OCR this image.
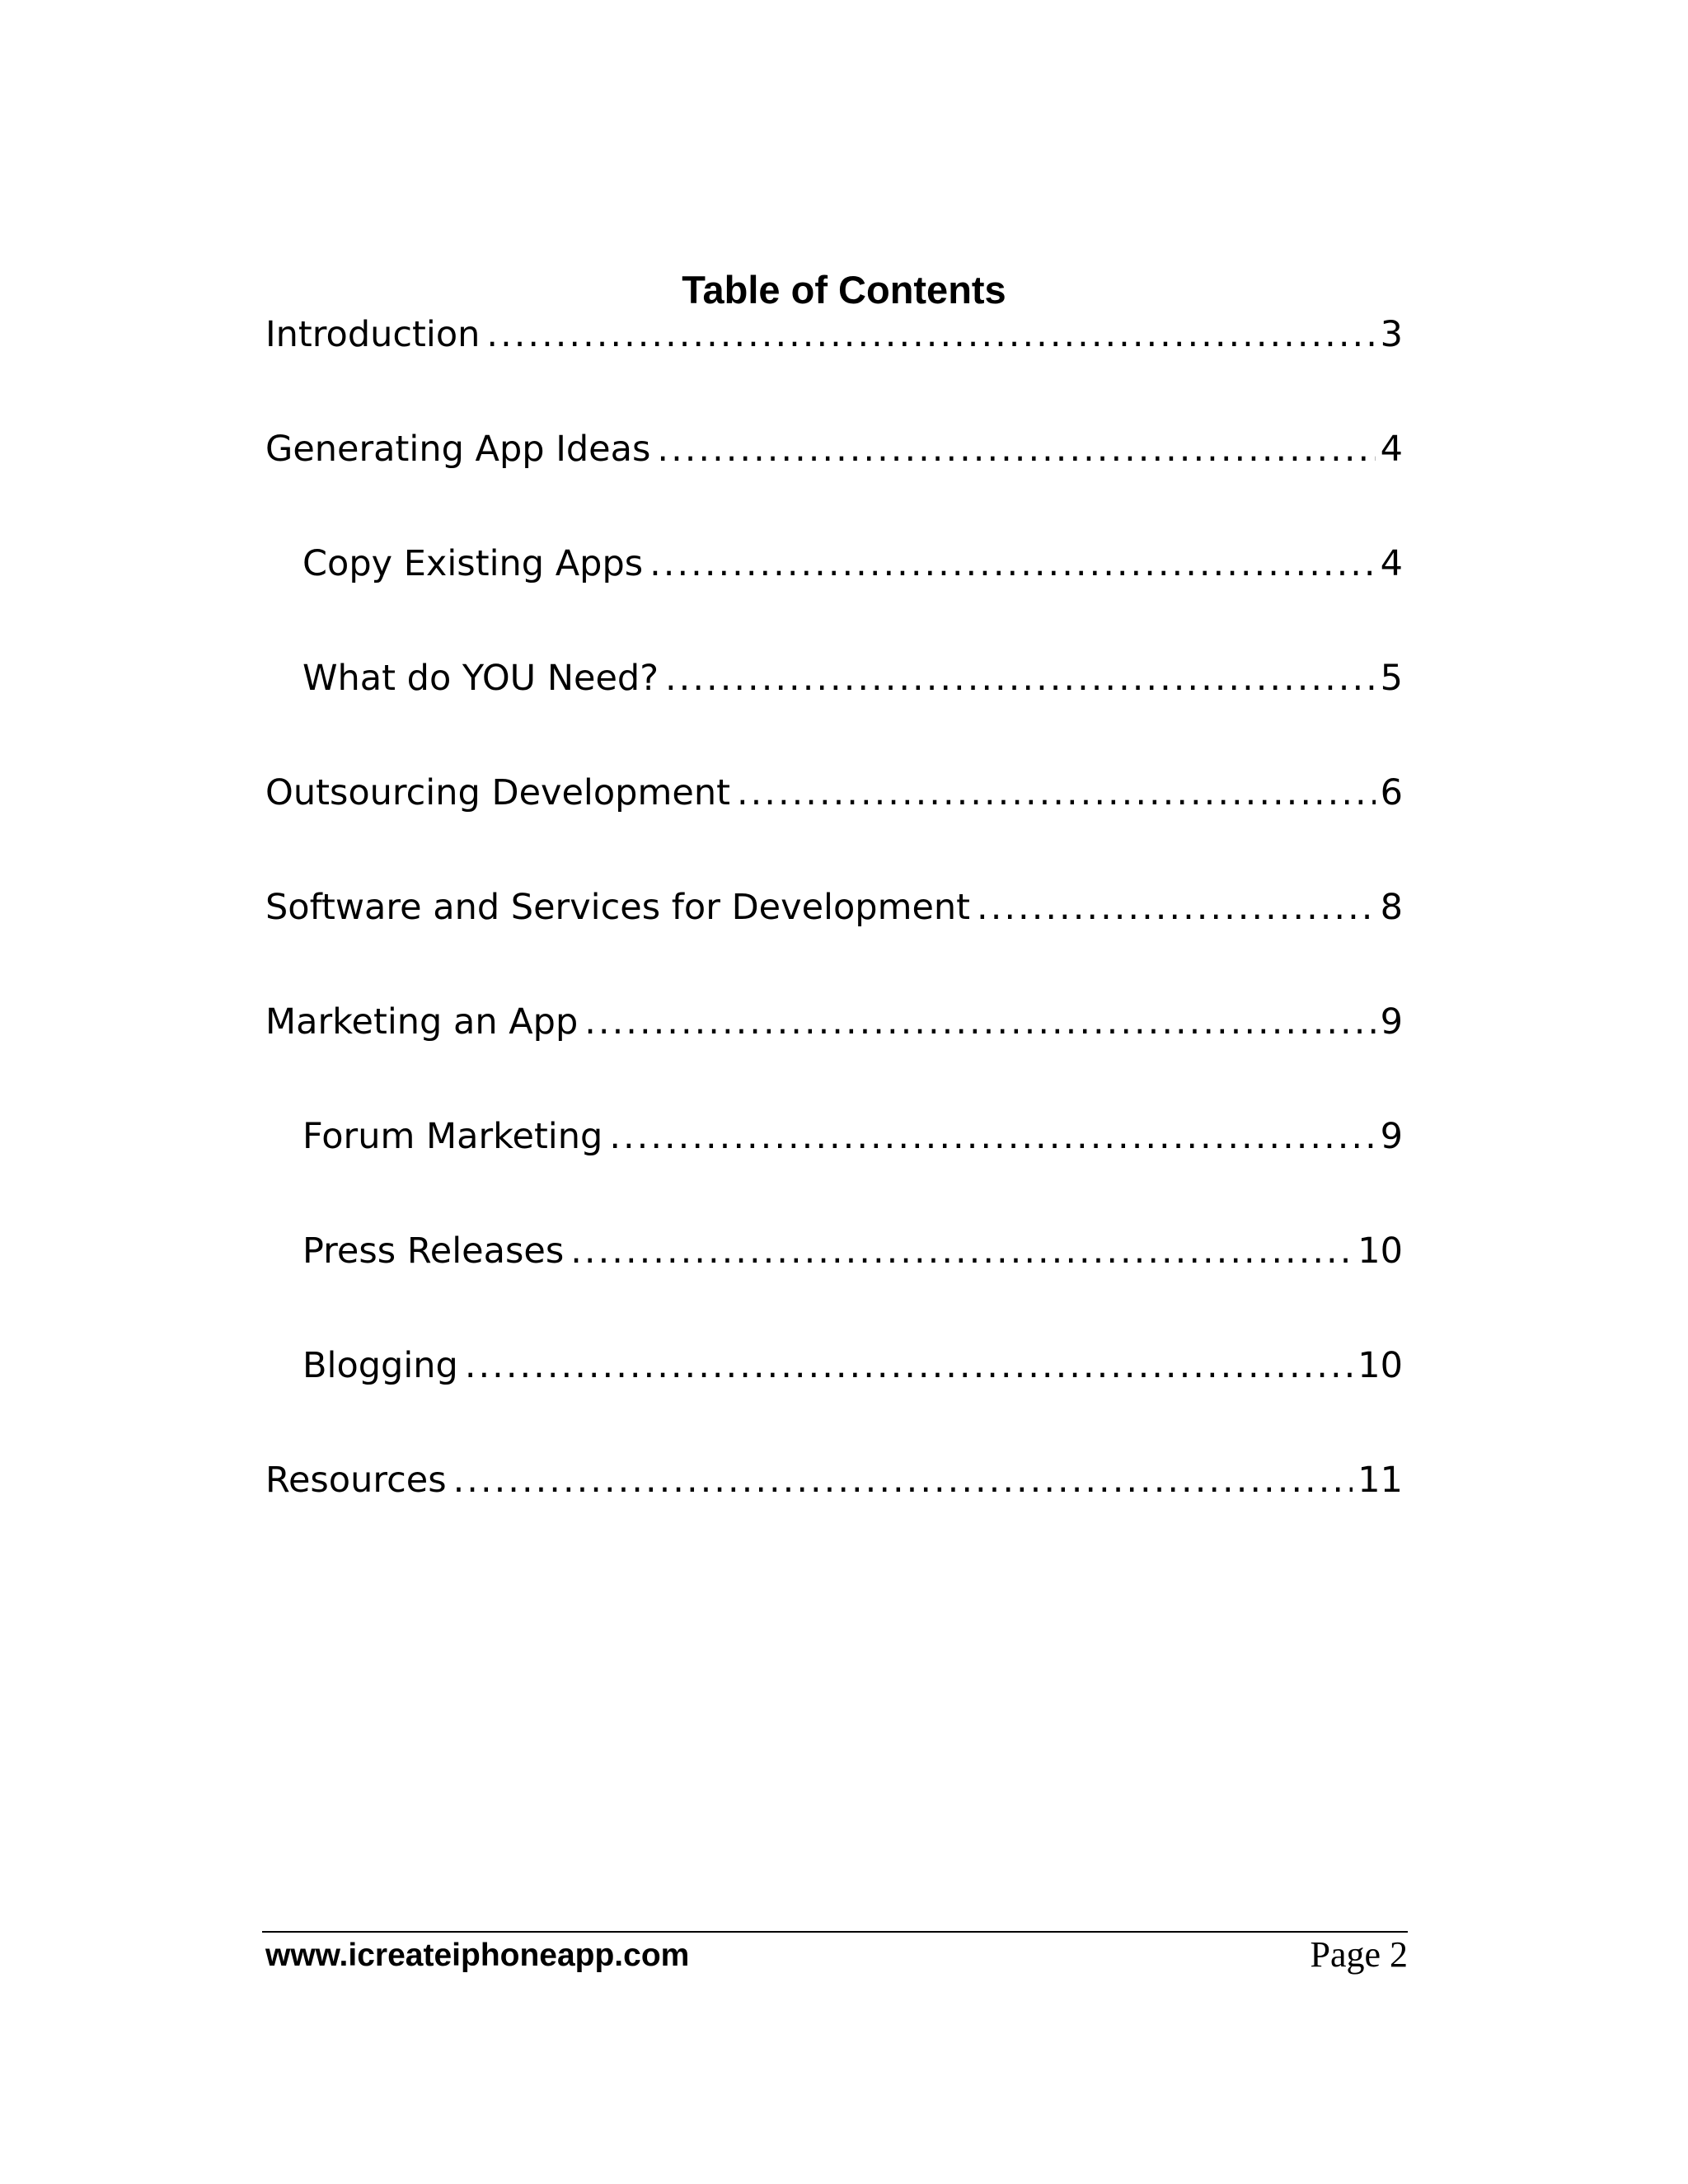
Table of Contents
Introduction .....	3
Generating App Ideas .....	4
Copy Existing Apps .....	4
What do YOU Need? .....	5
Outsourcing Development .....	6
Software and Services for Development .....	8
Marketing an App .....	9
Forum Marketing .....	9
Press Releases .....	10
Blogging .....	10
Resources .....	11
www.icreateiphoneapp.com	Page 2
